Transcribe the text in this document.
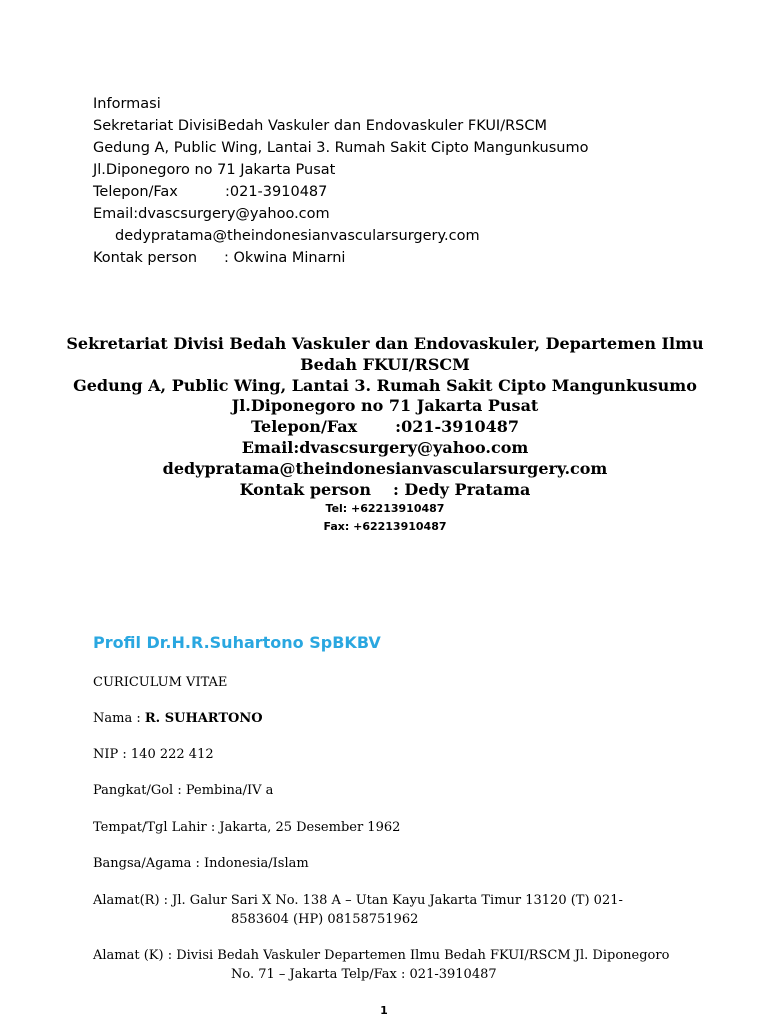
Informasi
Sekretariat DivisiBedah Vaskuler dan Endovaskuler FKUI/RSCM
Gedung A, Public Wing, Lantai 3. Rumah Sakit Cipto Mangunkusumo
Jl.Diponegoro no 71 Jakarta Pusat
Telepon/Fax	:021-3910487
Email:dvascsurgery@yahoo.com
dedypratama@theindonesianvascularsurgery.com
Kontak person : Okwina Minarni
Sekretariat Divisi Bedah Vaskuler dan Endovaskuler, Departemen Ilmu
Bedah FKUI/RSCM
Gedung A, Public Wing, Lantai 3. Rumah Sakit Cipto Mangunkusumo
Jl.Diponegoro no 71 Jakarta Pusat
Telepon/Fax :021-3910487
Email:dvascsurgery@yahoo.com
dedypratama@theindonesianvascularsurgery.com
Kontak person : Dedy Pratama
Tel: +62213910487
Fax: +62213910487
Profil Dr.H.R.Suhartono SpBKBV
CURICULUM VITAE
Nama : R. SUHARTONO
NIP : 140 222 412
Pangkat/Gol : Pembina/IV a
Tempat/Tgl Lahir : Jakarta, 25 Desember 1962
Bangsa/Agama : Indonesia/Islam
Alamat(R) : Jl. Galur Sari X No. 138 A – Utan Kayu Jakarta Timur 13120 (T) 021-
8583604 (HP) 08158751962
Alamat (K) : Divisi Bedah Vaskuler Departemen Ilmu Bedah FKUI/RSCM Jl. Diponegoro
No. 71 – Jakarta Telp/Fax : 021-3910487
1
